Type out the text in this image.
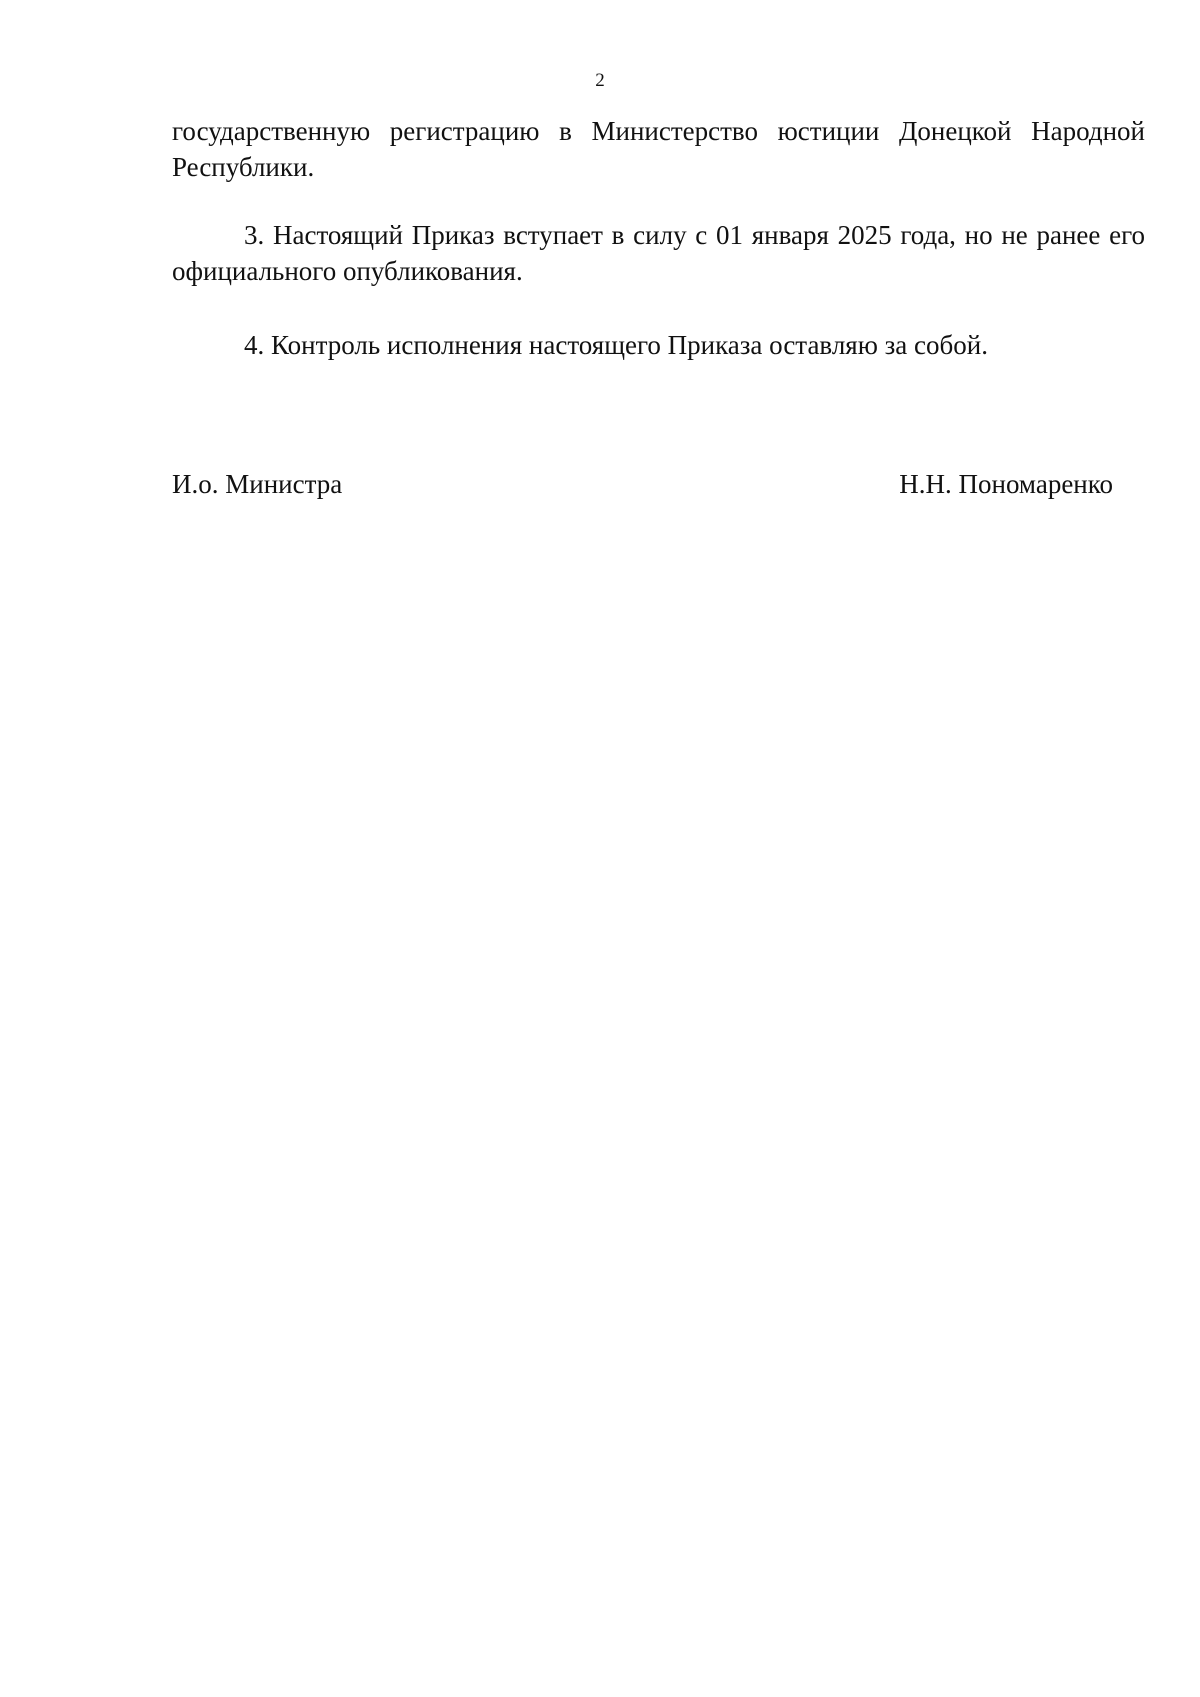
2

государственную регистрацию в Министерство юстиции Донецкой Народной Республики.

3. Настоящий Приказ вступает в силу с 01 января 2025 года, но не ранее его официального опубликования.

4. Контроль исполнения настоящего Приказа оставляю за собой.

И.о. Министра	Н.Н. Пономаренко
